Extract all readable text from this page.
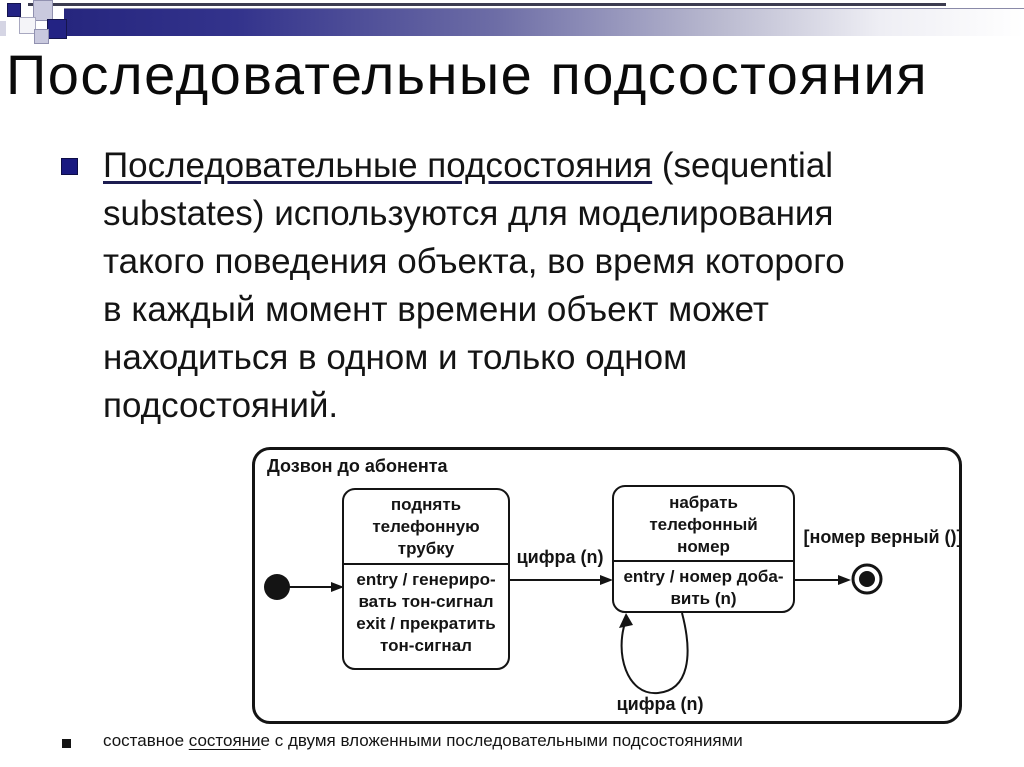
Последовательные подсостояния
Последовательные подсостояния (sequential
substates) используются для моделирования
такого поведения объекта, во время которого
в каждый момент времени объект может
находиться в одном и только одном
подсостояний.
Дозвон до абонента
цифра (n)
[номер верный ()]
цифра (n)
поднять
телефонную
трубку
entry / генериро-
вать тон-сигнал
exit / прекратить
тон-сигнал
набрать
телефонный
номер
entry / номер доба-
вить (n)
составное состояние с двумя вложенными последовательными подсостояниями
